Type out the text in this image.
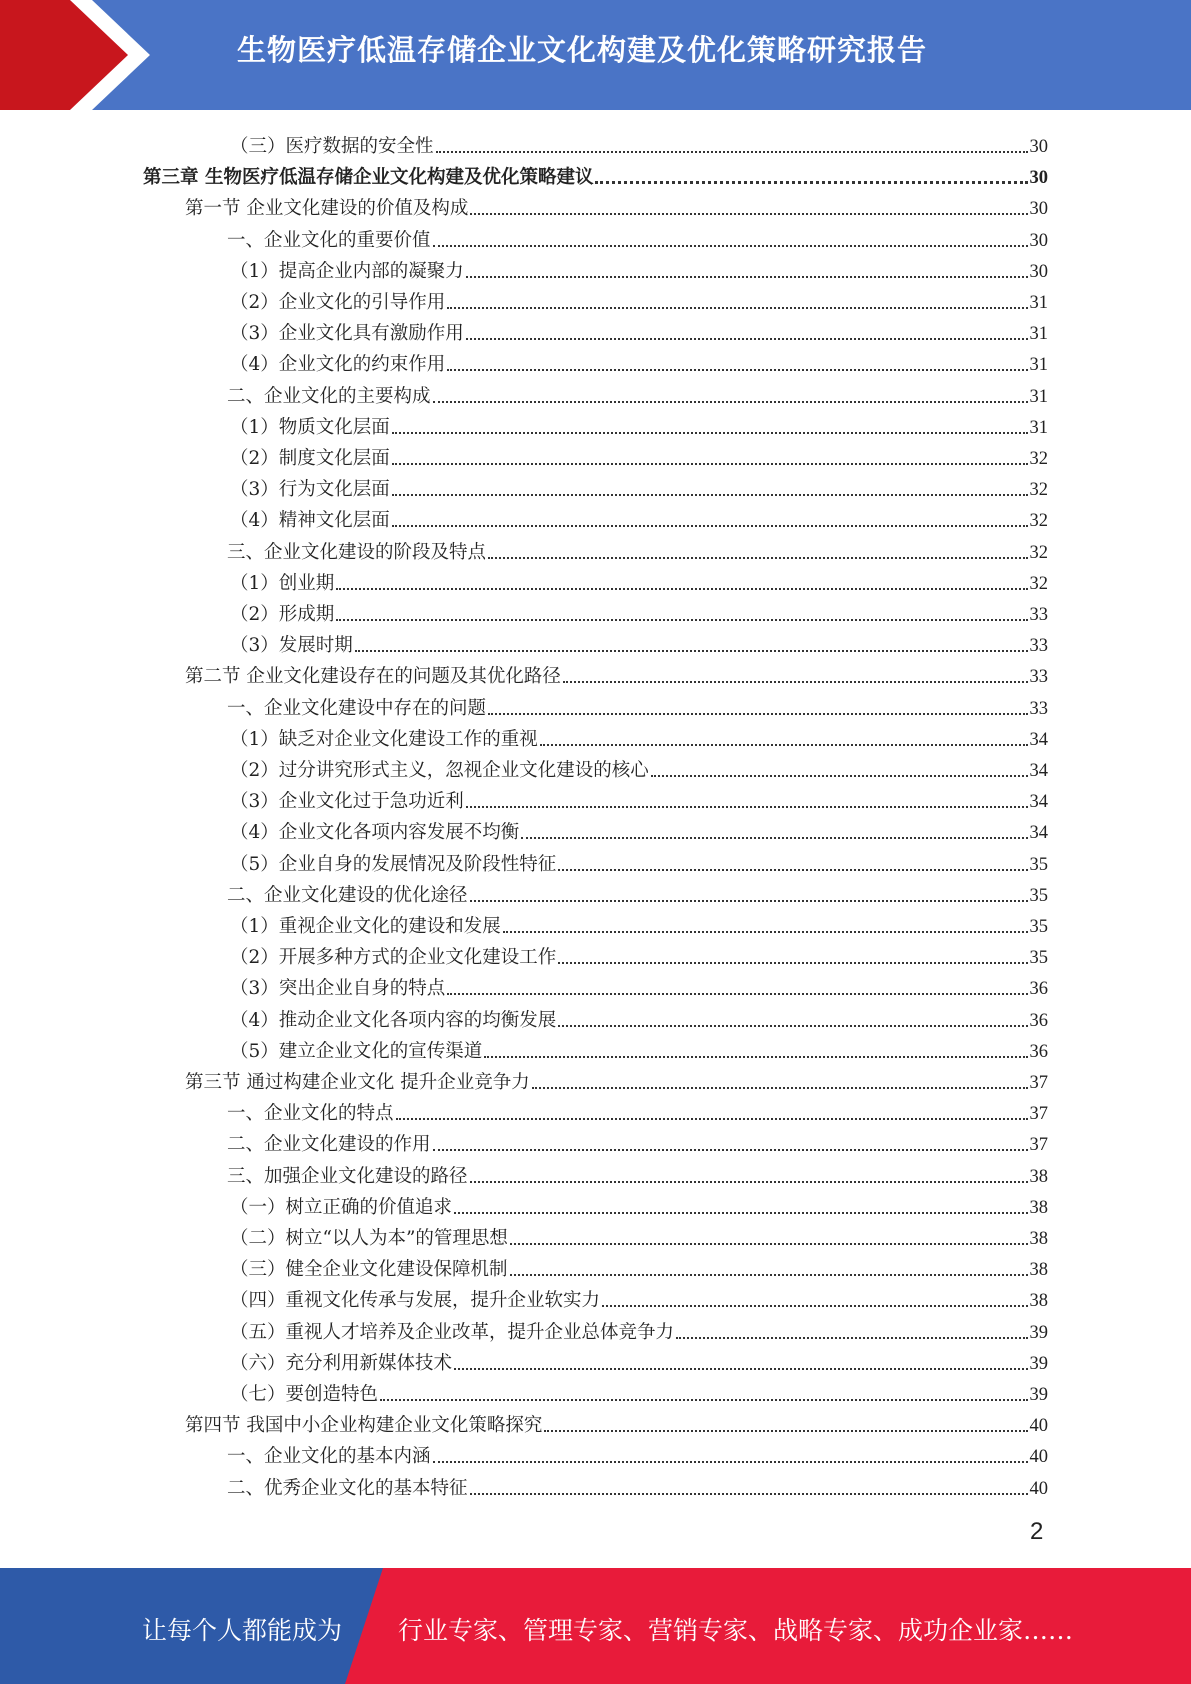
生物医疗低温存储企业文化构建及优化策略研究报告
（三）医疗数据的安全性	30
第三章 生物医疗低温存储企业文化构建及优化策略建议	30
第一节 企业文化建设的价值及构成	30
一、企业文化的重要价值	30
（1）提高企业内部的凝聚力	30
（2）企业文化的引导作用	31
（3）企业文化具有激励作用	31
（4）企业文化的约束作用	31
二、企业文化的主要构成	31
（1）物质文化层面	31
（2）制度文化层面	32
（3）行为文化层面	32
（4）精神文化层面	32
三、企业文化建设的阶段及特点	32
（1）创业期	32
（2）形成期	33
（3）发展时期	33
第二节 企业文化建设存在的问题及其优化路径	33
一、企业文化建设中存在的问题	33
（1）缺乏对企业文化建设工作的重视	34
（2）过分讲究形式主义，忽视企业文化建设的核心	34
（3）企业文化过于急功近利	34
（4）企业文化各项内容发展不均衡	34
（5）企业自身的发展情况及阶段性特征	35
二、企业文化建设的优化途径	35
（1）重视企业文化的建设和发展	35
（2）开展多种方式的企业文化建设工作	35
（3）突出企业自身的特点	36
（4）推动企业文化各项内容的均衡发展	36
（5）建立企业文化的宣传渠道	36
第三节 通过构建企业文化 提升企业竞争力	37
一、企业文化的特点	37
二、企业文化建设的作用	37
三、加强企业文化建设的路径	38
（一）树立正确的价值追求	38
（二）树立“以人为本”的管理思想	38
（三）健全企业文化建设保障机制	38
（四）重视文化传承与发展，提升企业软实力	38
（五）重视人才培养及企业改革，提升企业总体竞争力	39
（六）充分利用新媒体技术	39
（七）要创造特色	39
第四节 我国中小企业构建企业文化策略探究	40
一、企业文化的基本内涵	40
二、优秀企业文化的基本特征	40
2
让每个人都能成为 行业专家、管理专家、营销专家、战略专家、成功企业家……
